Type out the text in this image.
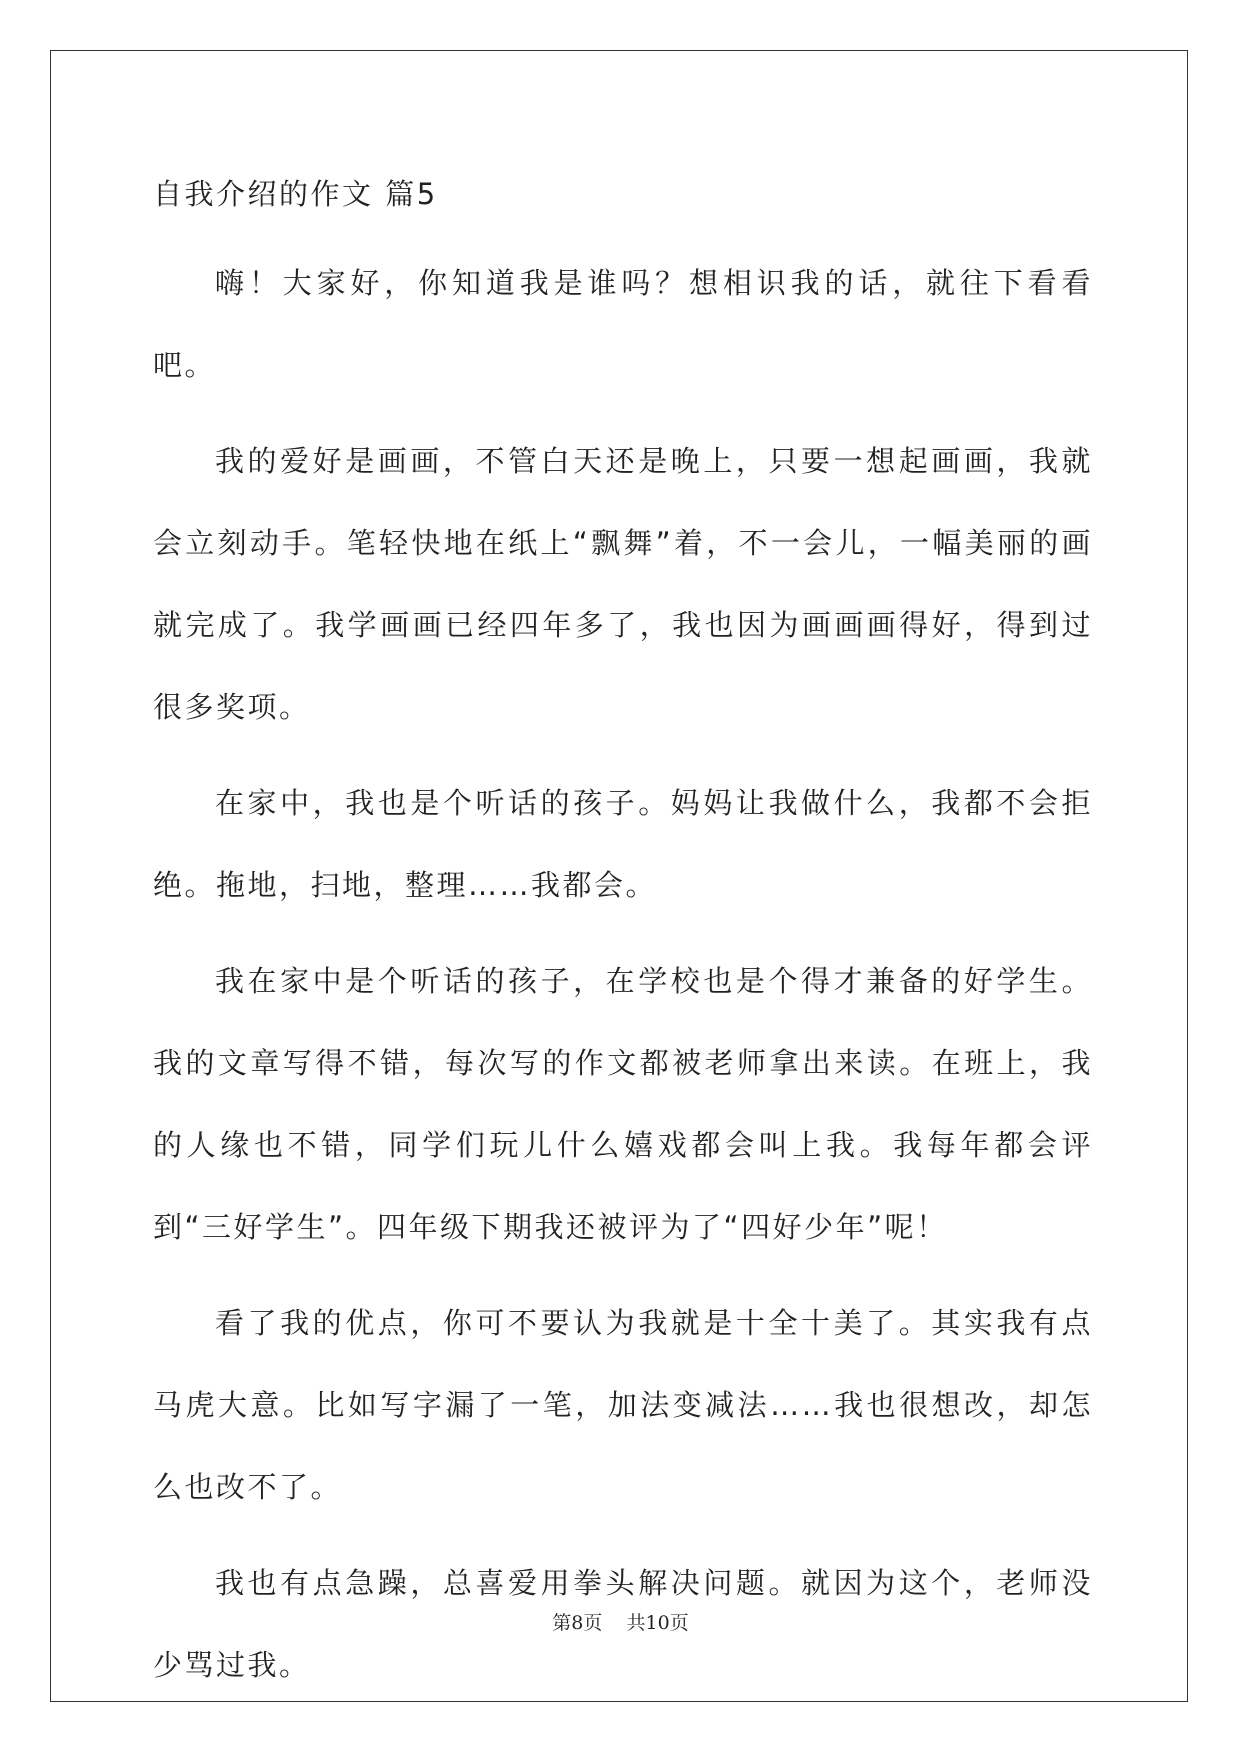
自我介绍的作文 篇5

嗨！大家好，你知道我是谁吗？想相识我的话，就往下看看吧。

我的爱好是画画，不管白天还是晚上，只要一想起画画，我就会立刻动手。笔轻快地在纸上“飘舞”着，不一会儿，一幅美丽的画就完成了。我学画画已经四年多了，我也因为画画画得好，得到过很多奖项。

在家中，我也是个听话的孩子。妈妈让我做什么，我都不会拒绝。拖地，扫地，整理……我都会。

我在家中是个听话的孩子，在学校也是个得才兼备的好学生。我的文章写得不错，每次写的作文都被老师拿出来读。在班上，我的人缘也不错，同学们玩儿什么嬉戏都会叫上我。我每年都会评到“三好学生”。四年级下期我还被评为了“四好少年”呢！

看了我的优点，你可不要认为我就是十全十美了。其实我有点马虎大意。比如写字漏了一笔，加法变减法……我也很想改，却怎么也改不了。

我也有点急躁，总喜爱用拳头解决问题。就因为这个，老师没少骂过我。

第8页 共10页
